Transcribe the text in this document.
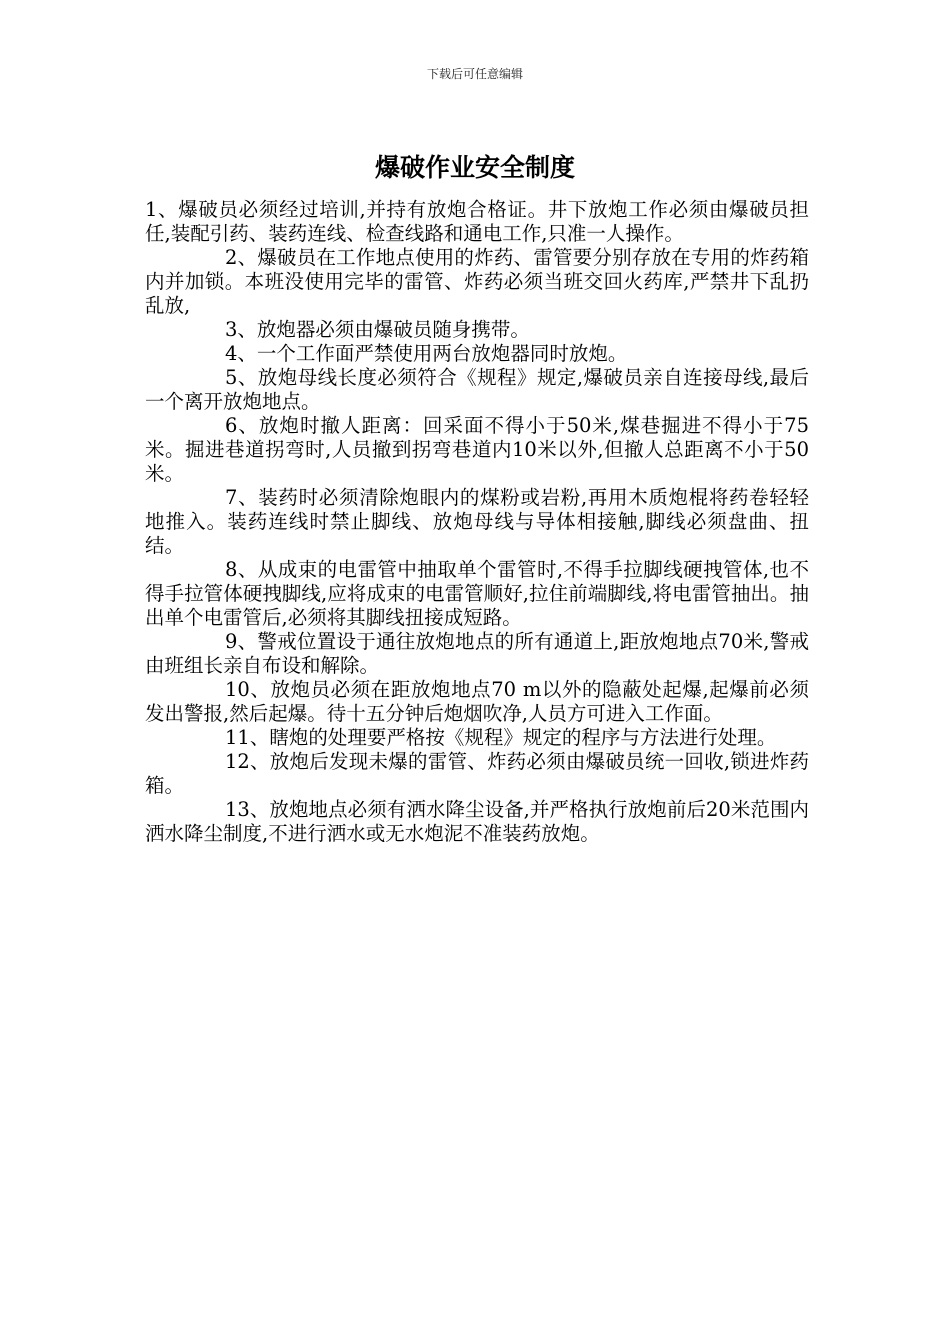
下载后可任意编辑
爆破作业安全制度

1、爆破员必须经过培训,并持有放炮合格证。井下放炮工作必须由爆破员担任,装配引药、装药连线、检查线路和通电工作,只准一人操作。

2、爆破员在工作地点使用的炸药、雷管要分别存放在专用的炸药箱内并加锁。本班没使用完毕的雷管、炸药必须当班交回火药库,严禁井下乱扔乱放,

3、放炮器必须由爆破员随身携带。

4、一个工作面严禁使用两台放炮器同时放炮。

5、放炮母线长度必须符合《规程》规定,爆破员亲自连接母线,最后一个离开放炮地点。

6、放炮时撤人距离：回采面不得小于50米,煤巷掘进不得小于75米。掘进巷道拐弯时,人员撤到拐弯巷道内10米以外,但撤人总距离不小于50米。

7、装药时必须清除炮眼内的煤粉或岩粉,再用木质炮棍将药卷轻轻地推入。装药连线时禁止脚线、放炮母线与导体相接触,脚线必须盘曲、扭结。

8、从成束的电雷管中抽取单个雷管时,不得手拉脚线硬拽管体,也不得手拉管体硬拽脚线,应将成束的电雷管顺好,拉住前端脚线,将电雷管抽出。抽出单个电雷管后,必须将其脚线扭接成短路。

9、警戒位置设于通往放炮地点的所有通道上,距放炮地点70米,警戒由班组长亲自布设和解除。

10、放炮员必须在距放炮地点70 m以外的隐蔽处起爆,起爆前必须发出警报,然后起爆。待十五分钟后炮烟吹净,人员方可进入工作面。

11、瞎炮的处理要严格按《规程》规定的程序与方法进行处理。

12、放炮后发现未爆的雷管、炸药必须由爆破员统一回收,锁进炸药箱。

13、放炮地点必须有洒水降尘设备,并严格执行放炮前后20米范围内洒水降尘制度,不进行洒水或无水炮泥不准装药放炮。
